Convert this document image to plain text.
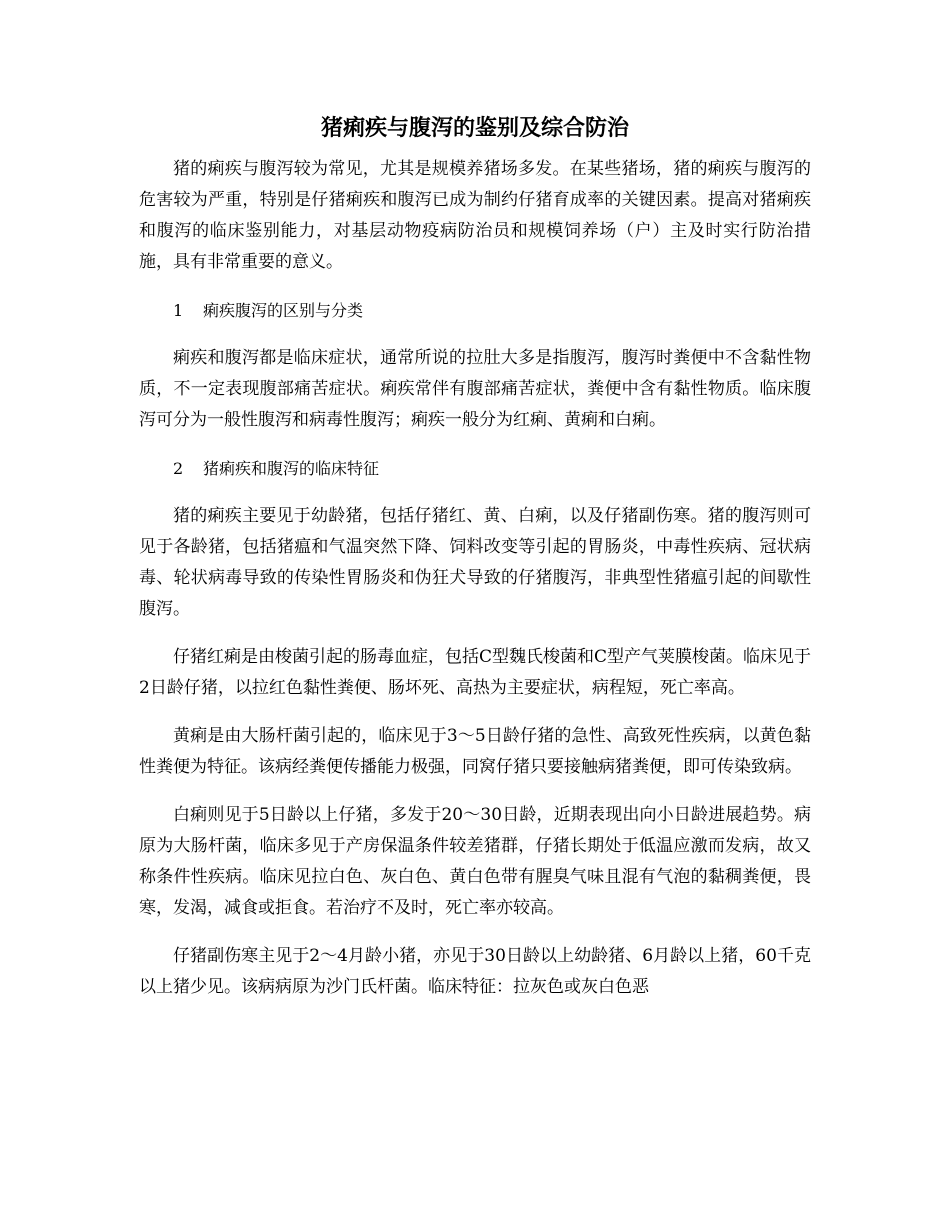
猪痢疾与腹泻的鉴别及综合防治

猪的痢疾与腹泻较为常见，尤其是规模养猪场多发。在某些猪场，猪的痢疾与腹泻的危害较为严重，特别是仔猪痢疾和腹泻已成为制约仔猪育成率的关键因素。提高对猪痢疾和腹泻的临床鉴别能力，对基层动物疫病防治员和规模饲养场（户）主及时实行防治措施，具有非常重要的意义。

1 痢疾腹泻的区别与分类

痢疾和腹泻都是临床症状，通常所说的拉肚大多是指腹泻，腹泻时粪便中不含黏性物质，不一定表现腹部痛苦症状。痢疾常伴有腹部痛苦症状，粪便中含有黏性物质。临床腹泻可分为一般性腹泻和病毒性腹泻；痢疾一般分为红痢、黄痢和白痢。

2 猪痢疾和腹泻的临床特征

猪的痢疾主要见于幼龄猪，包括仔猪红、黄、白痢，以及仔猪副伤寒。猪的腹泻则可见于各龄猪，包括猪瘟和气温突然下降、饲料改变等引起的胃肠炎，中毒性疾病、冠状病毒、轮状病毒导致的传染性胃肠炎和伪狂犬导致的仔猪腹泻，非典型性猪瘟引起的间歇性腹泻。

仔猪红痢是由梭菌引起的肠毒血症，包括C型魏氏梭菌和C型产气荚膜梭菌。临床见于2日龄仔猪，以拉红色黏性粪便、肠坏死、高热为主要症状，病程短，死亡率高。

黄痢是由大肠杆菌引起的，临床见于3～5日龄仔猪的急性、高致死性疾病，以黄色黏性粪便为特征。该病经粪便传播能力极强，同窝仔猪只要接触病猪粪便，即可传染致病。

白痢则见于5日龄以上仔猪，多发于20～30日龄，近期表现出向小日龄进展趋势。病原为大肠杆菌，临床多见于产房保温条件较差猪群，仔猪长期处于低温应激而发病，故又称条件性疾病。临床见拉白色、灰白色、黄白色带有腥臭气味且混有气泡的黏稠粪便，畏寒，发渴，减食或拒食。若治疗不及时，死亡率亦较高。

仔猪副伤寒主见于2～4月龄小猪，亦见于30日龄以上幼龄猪、6月龄以上猪，60千克以上猪少见。该病病原为沙门氏杆菌。临床特征：拉灰色或灰白色恶
